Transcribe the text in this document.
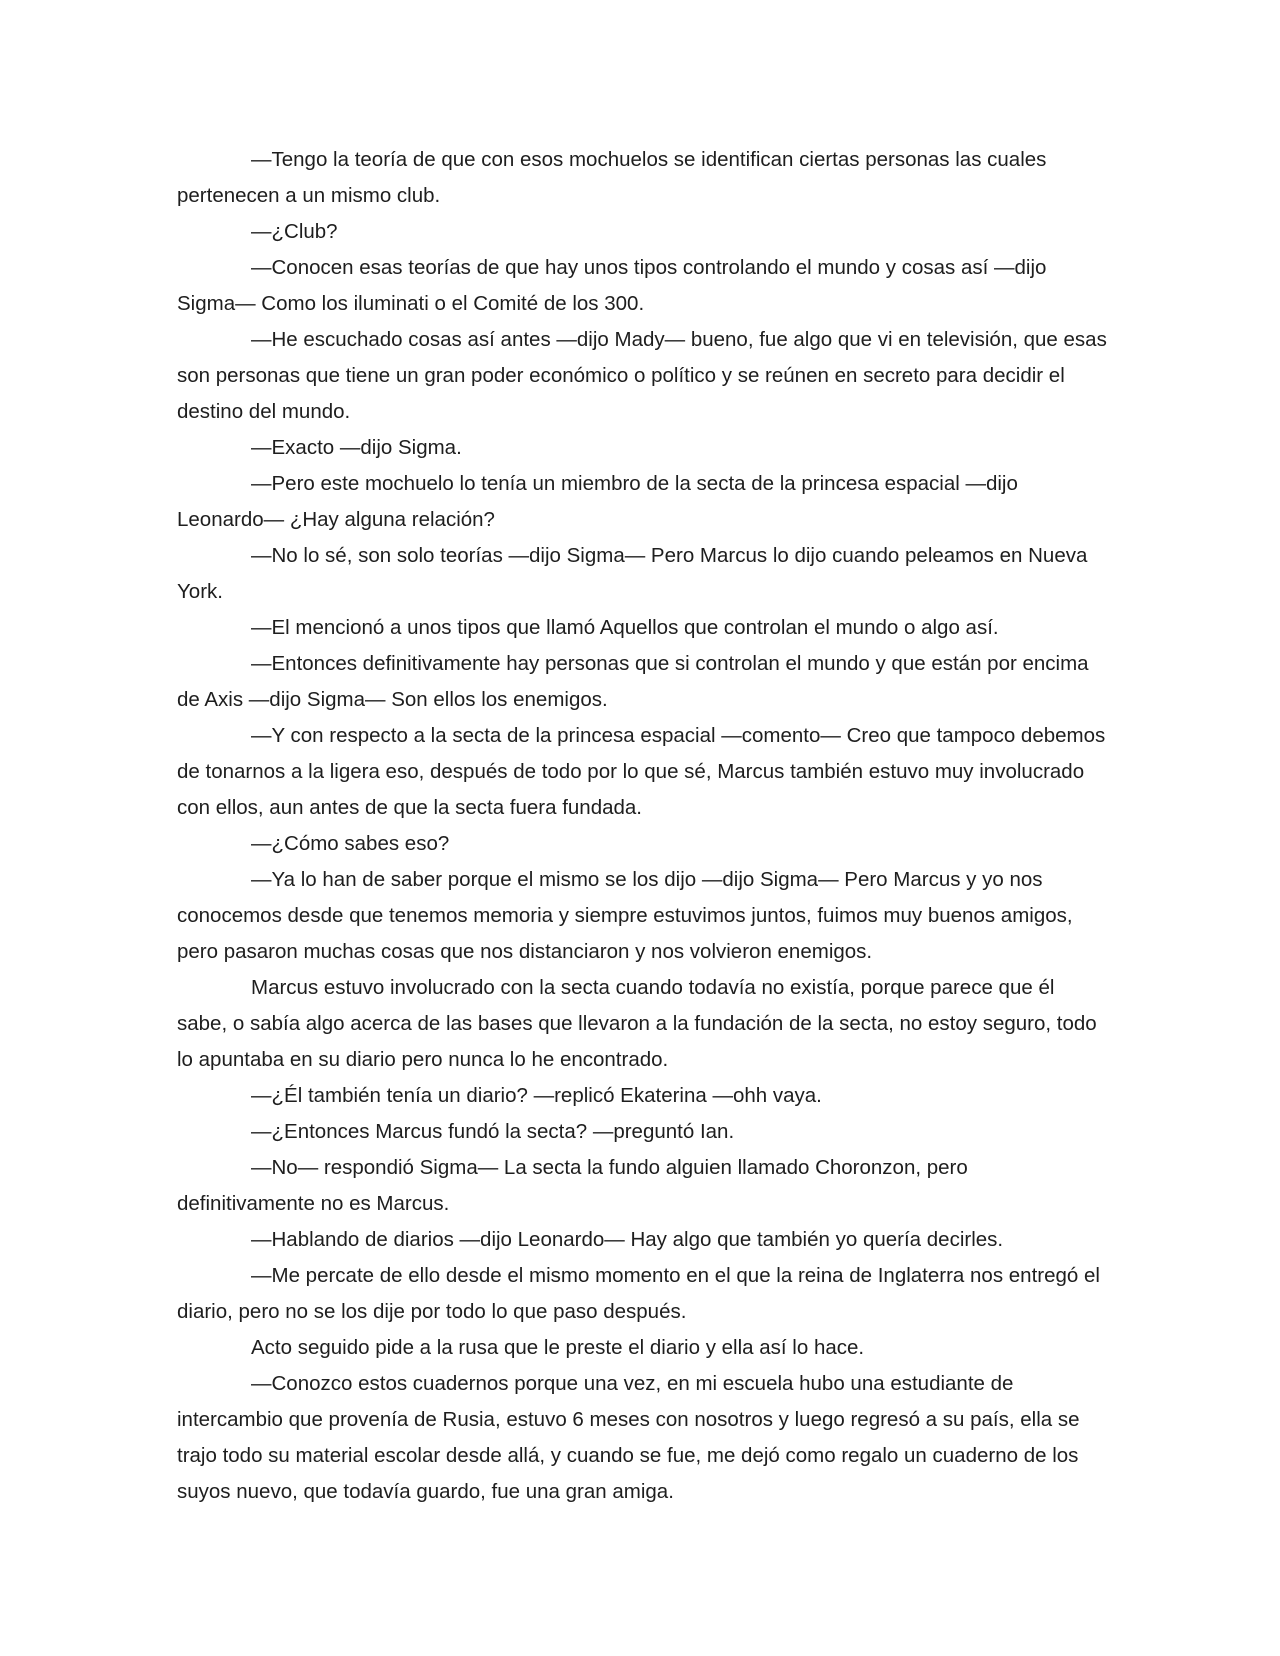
—Tengo la teoría de que con esos mochuelos se identifican ciertas personas las cuales pertenecen a un mismo club.

—¿Club?

—Conocen esas teorías de que hay unos tipos controlando el mundo y cosas así —dijo Sigma— Como los iluminati o el Comité de los 300.

—He escuchado cosas así antes —dijo Mady— bueno, fue algo que vi en televisión, que esas son personas que tiene un gran poder económico o político y se reúnen en secreto para decidir el destino del mundo.

—Exacto —dijo Sigma.

—Pero este mochuelo lo tenía un miembro de la secta de la princesa espacial —dijo Leonardo— ¿Hay alguna relación?

—No lo sé, son solo teorías —dijo Sigma— Pero Marcus lo dijo cuando peleamos en Nueva York.

—El mencionó a unos tipos que llamó Aquellos que controlan el mundo o algo así.

—Entonces definitivamente hay personas que si controlan el mundo y que están por encima de Axis —dijo Sigma— Son ellos los enemigos.

—Y con respecto a la secta de la princesa espacial —comento— Creo que tampoco debemos de tonarnos a la ligera eso, después de todo por lo que sé, Marcus también estuvo muy involucrado con ellos, aun antes de que la secta fuera fundada.

—¿Cómo sabes eso?

—Ya lo han de saber porque el mismo se los dijo —dijo Sigma— Pero Marcus y yo nos conocemos desde que tenemos memoria y siempre estuvimos juntos, fuimos muy buenos amigos, pero pasaron muchas cosas que nos distanciaron y nos volvieron enemigos.

Marcus estuvo involucrado con la secta cuando todavía no existía, porque parece que él sabe, o sabía algo acerca de las bases que llevaron a la fundación de la secta, no estoy seguro, todo lo apuntaba en su diario pero nunca lo he encontrado.

—¿Él también tenía un diario? —replicó Ekaterina —ohh vaya.

—¿Entonces Marcus fundó la secta? —preguntó Ian.

—No— respondió Sigma— La secta la fundo alguien llamado Choronzon, pero definitivamente no es Marcus.

—Hablando de diarios —dijo Leonardo— Hay algo que también yo quería decirles.

—Me percate de ello desde el mismo momento en el que la reina de Inglaterra nos entregó el diario, pero no se los dije por todo lo que paso después.

Acto seguido pide a la rusa que le preste el diario y ella así lo hace.

—Conozco estos cuadernos porque una vez, en mi escuela hubo una estudiante de intercambio que provenía de Rusia, estuvo 6 meses con nosotros y luego regresó a su país, ella se trajo todo su material escolar desde allá, y cuando se fue, me dejó como regalo un cuaderno de los suyos nuevo, que todavía guardo, fue una gran amiga.
